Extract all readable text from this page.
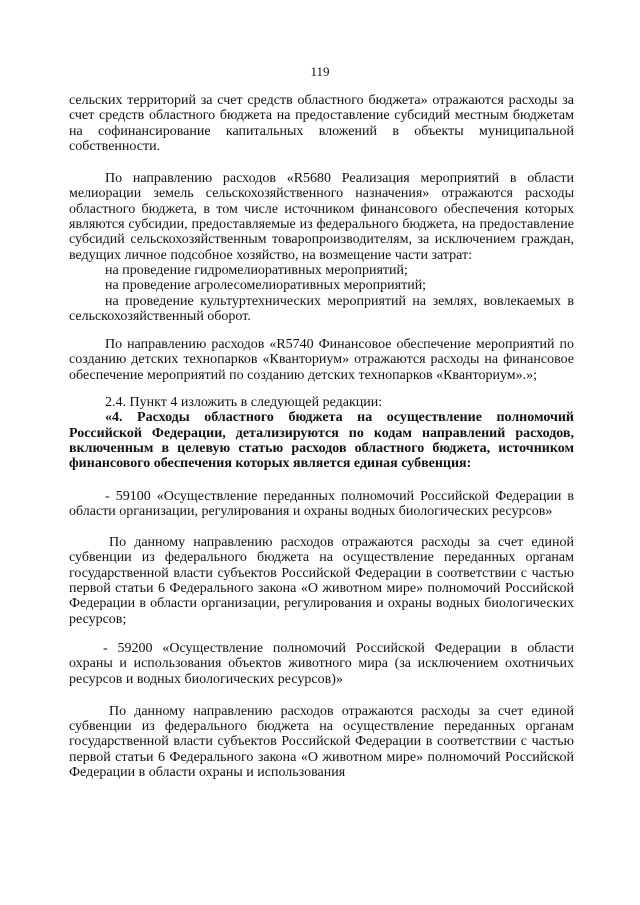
119

сельских территорий за счет средств областного бюджета» отражаются расходы за счет средств областного бюджета на предоставление субсидий местным бюджетам на софинансирование капитальных вложений в объекты муниципальной собственности.

По направлению расходов «R5680 Реализация мероприятий в области мелиорации земель сельскохозяйственного назначения» отражаются расходы областного бюджета, в том числе источником финансового обеспечения которых являются субсидии, предоставляемые из федерального бюджета, на предоставление субсидий сельскохозяйственным товаропроизводителям, за исключением граждан, ведущих личное подсобное хозяйство, на возмещение части затрат:

на проведение гидромелиоративных мероприятий;

на проведение агролесомелиоративных мероприятий;

на проведение культуртехнических мероприятий на землях, вовлекаемых в сельскохозяйственный оборот.

По направлению расходов «R5740 Финансовое обеспечение мероприятий по созданию детских технопарков «Кванториум» отражаются расходы на финансовое обеспечение мероприятий по созданию детских технопарков «Кванториум».»;

2.4. Пункт 4 изложить в следующей редакции:

«4. Расходы областного бюджета на осуществление полномочий Российской Федерации, детализируются по кодам направлений расходов, включенным в целевую статью расходов областного бюджета, источником финансового обеспечения которых является единая субвенция:

- 59100 «Осуществление переданных полномочий Российской Федерации в области организации, регулирования и охраны водных биологических ресурсов»

По данному направлению расходов отражаются расходы за счет единой субвенции из федерального бюджета на осуществление переданных органам государственной власти субъектов Российской Федерации в соответствии с частью первой статьи 6 Федерального закона «О животном мире» полномочий Российской Федерации в области организации, регулирования и охраны водных биологических ресурсов;

- 59200 «Осуществление полномочий Российской Федерации в области охраны и использования объектов животного мира (за исключением охотничьих ресурсов и водных биологических ресурсов)»

По данному направлению расходов отражаются расходы за счет единой субвенции из федерального бюджета на осуществление переданных органам государственной власти субъектов Российской Федерации в соответствии с частью первой статьи 6 Федерального закона «О животном мире» полномочий Российской Федерации в области охраны и использования
